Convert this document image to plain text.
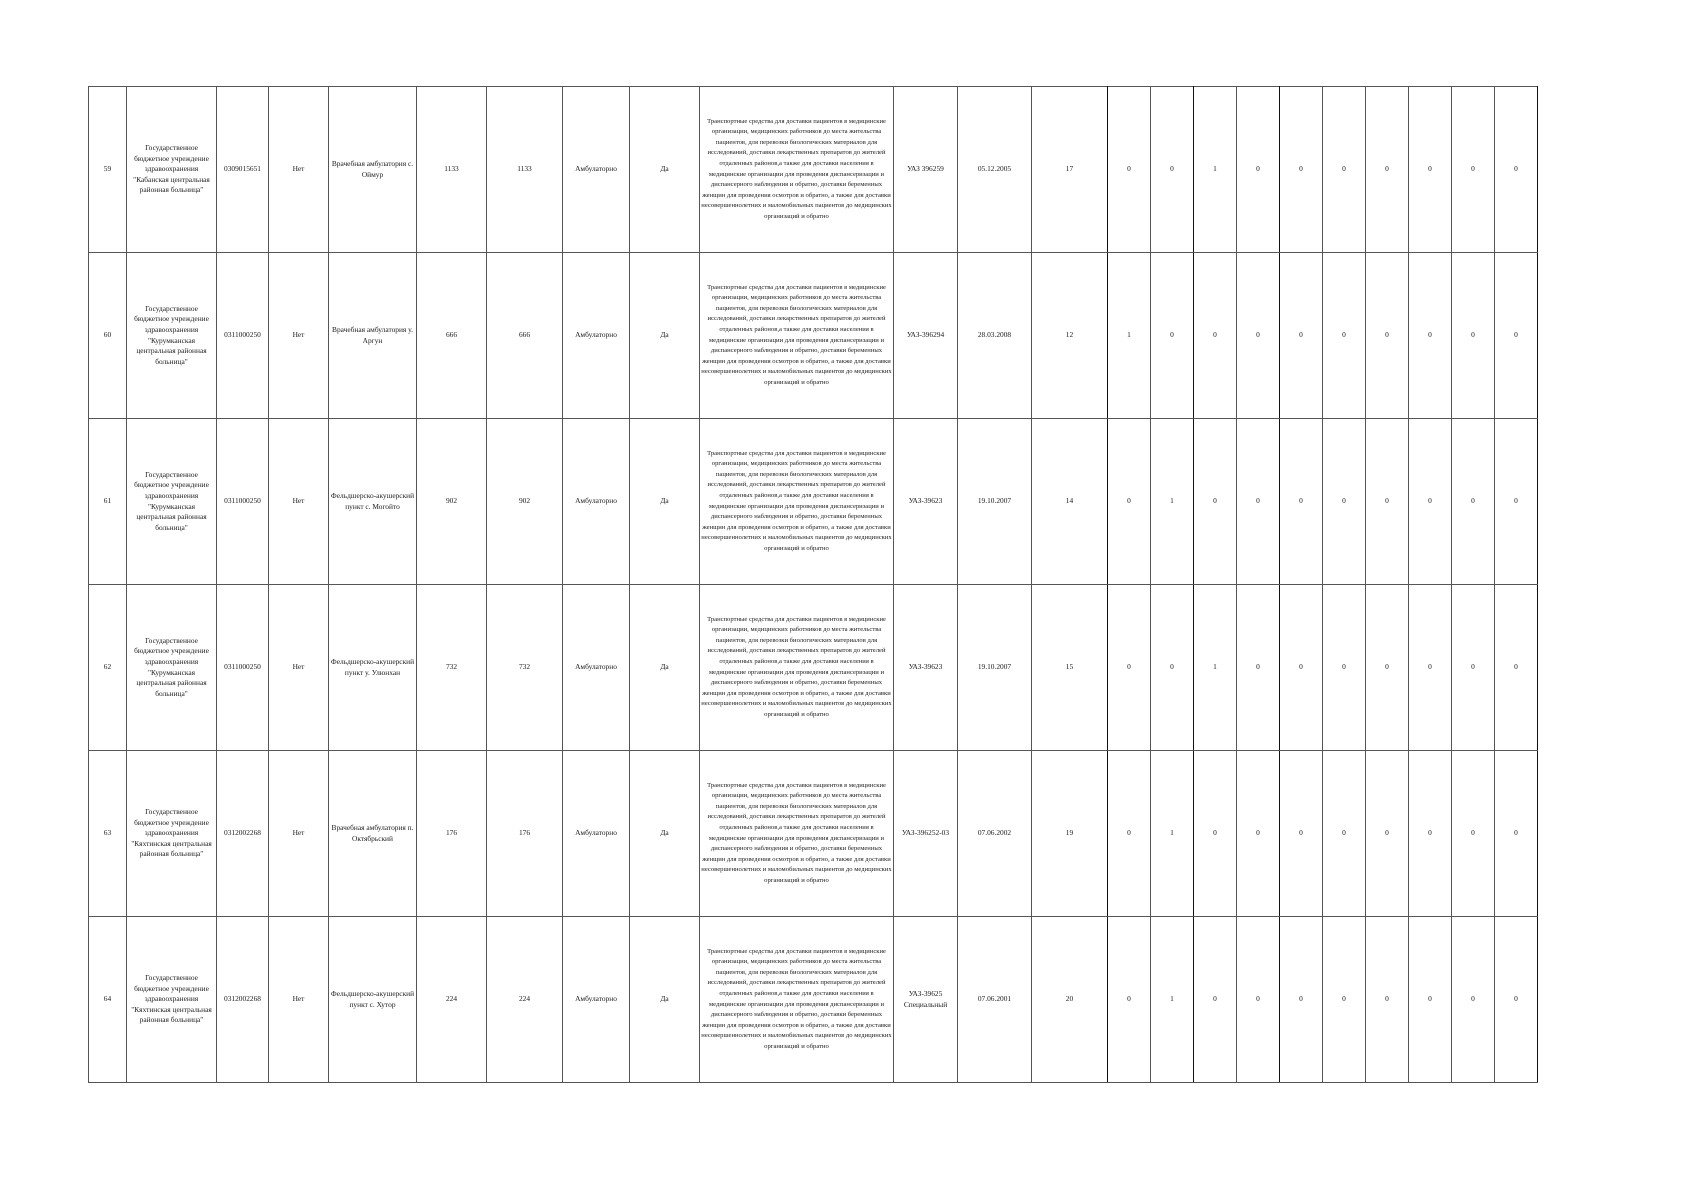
59	Государственное бюджетное учреждение здравоохранения "Кабанская центральная районная больница"	0309015651	Нет	Врачебная амбулатория с. Оймур	1133	1133	Амбулаторно	Да	Транспортные средства для доставки пациентов в медицинские организации, медицинских работников до места жительства пациентов, для перевозки биологических материалов для исследований, доставки лекарственных препаратов до жителей отдаленных районов,а также для доставки населения в медицинские организации для проведения диспансеризации и диспансерного наблюдения и обратно, доставки беременных женщин для проведения осмотров и обратно, а также для доставки несовершеннолетних и маломобильных пациентов до медицинских организаций и обратно	УАЗ 396259	05.12.2005	17	0	0	1	0	0	0	0	0	0	0
60	Государственное бюджетное учреждение здравоохранения "Курумканская центральная районная больница"	0311000250	Нет	Врачебная амбулатория у. Аргун	666	666	Амбулаторно	Да	Транспортные средства для доставки пациентов в медицинские организации, медицинских работников до места жительства пациентов, для перевозки биологических материалов для исследований, доставки лекарственных препаратов до жителей отдаленных районов,а также для доставки населения в медицинские организации для проведения диспансеризации и диспансерного наблюдения и обратно, доставки беременных женщин для проведения осмотров и обратно, а также для доставки несовершеннолетних и маломобильных пациентов до медицинских организаций и обратно	УАЗ-396294	28.03.2008	12	1	0	0	0	0	0	0	0	0	0
61	Государственное бюджетное учреждение здравоохранения "Курумканская центральная районная больница"	0311000250	Нет	Фельдшерско-акушерский пункт с. Могойто	902	902	Амбулаторно	Да	Транспортные средства для доставки пациентов в медицинские организации, медицинских работников до места жительства пациентов, для перевозки биологических материалов для исследований, доставки лекарственных препаратов до жителей отдаленных районов,а также для доставки населения в медицинские организации для проведения диспансеризации и диспансерного наблюдения и обратно, доставки беременных женщин для проведения осмотров и обратно, а также для доставки несовершеннолетних и маломобильных пациентов до медицинских организаций и обратно	УАЗ-39623	19.10.2007	14	0	1	0	0	0	0	0	0	0	0
62	Государственное бюджетное учреждение здравоохранения "Курумканская центральная районная больница"	0311000250	Нет	Фельдшерско-акушерский пункт у. Улюнхан	732	732	Амбулаторно	Да	Транспортные средства для доставки пациентов в медицинские организации, медицинских работников до места жительства пациентов, для перевозки биологических материалов для исследований, доставки лекарственных препаратов до жителей отдаленных районов,а также для доставки населения в медицинские организации для проведения диспансеризации и диспансерного наблюдения и обратно, доставки беременных женщин для проведения осмотров и обратно, а также для доставки несовершеннолетних и маломобильных пациентов до медицинских организаций и обратно	УАЗ-39623	19.10.2007	15	0	0	1	0	0	0	0	0	0	0
63	Государственное бюджетное учреждение здравоохранения "Кяхтинская центральная районная больница"	0312002268	Нет	Врачебная амбулатория п. Октябрьский	176	176	Амбулаторно	Да	Транспортные средства для доставки пациентов в медицинские организации, медицинских работников до места жительства пациентов, для перевозки биологических материалов для исследований, доставки лекарственных препаратов до жителей отдаленных районов,а также для доставки населения в медицинские организации для проведения диспансеризации и диспансерного наблюдения и обратно, доставки беременных женщин для проведения осмотров и обратно, а также для доставки несовершеннолетних и маломобильных пациентов до медицинских организаций и обратно	УАЗ-396252-03	07.06.2002	19	0	1	0	0	0	0	0	0	0	0
64	Государственное бюджетное учреждение здравоохранения "Кяхтинская центральная районная больница"	0312002268	Нет	Фельдшерско-акушерский пункт с. Хутор	224	224	Амбулаторно	Да	Транспортные средства для доставки пациентов в медицинские организации, медицинских работников до места жительства пациентов, для перевозки биологических материалов для исследований, доставки лекарственных препаратов до жителей отдаленных районов,а также для доставки населения в медицинские организации для проведения диспансеризации и диспансерного наблюдения и обратно, доставки беременных женщин для проведения осмотров и обратно, а также для доставки несовершеннолетних и маломобильных пациентов до медицинских организаций и обратно	УАЗ-39625 Специальный	07.06.2001	20	0	1	0	0	0	0	0	0	0	0
